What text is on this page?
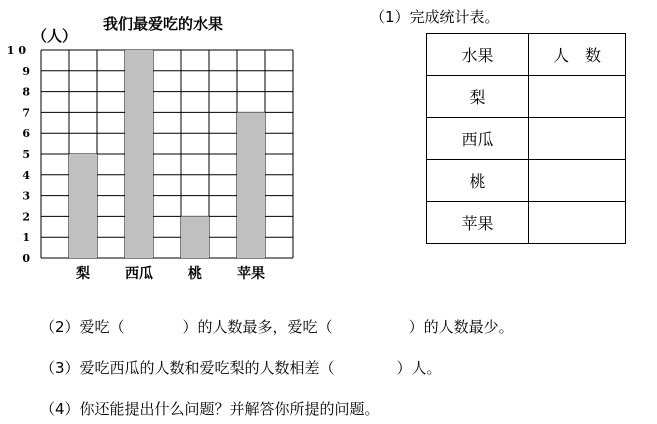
0
1
2
3
4
5
6
7
8
9
10
梨	西瓜	桃	苹果
我们最爱吃的水果
（人）
（1）完成统计表。
水果	人　数
梨	
西瓜	
桃	
苹果	
（2）爱吃（	）的人数最多，爱吃（	）的人数最少。
（3）爱吃西瓜的人数和爱吃梨的人数相差（	）人。
（4）你还能提出什么问题？并解答你所提的问题。
